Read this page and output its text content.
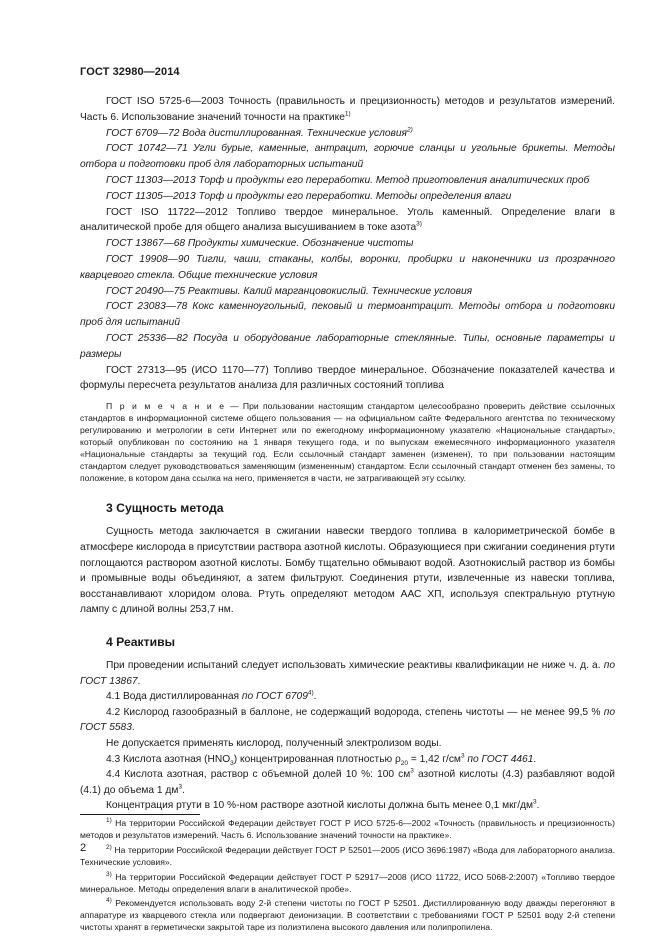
ГОСТ 32980—2014

ГОСТ ISO 5725-6—2003 Точность (правильность и прецизионность) методов и результатов измерений. Часть 6. Использование значений точности на практике$^{1)}$

ГОСТ 6709—72 Вода дистиллированная. Технические условия$^{2)}$

ГОСТ 10742—71 Угли бурые, каменные, антрацит, горючие сланцы и угольные брикеты. Методы отбора и подготовки проб для лабораторных испытаний

ГОСТ 11303—2013 Торф и продукты его переработки. Метод приготовления аналитических проб

ГОСТ 11305—2013 Торф и продукты его переработки. Методы определения влаги

ГОСТ ISO 11722—2012 Топливо твердое минеральное. Уголь каменный. Определение влаги в аналитической пробе для общего анализа высушиванием в токе азота$^{3)}$

ГОСТ 13867—68 Продукты химические. Обозначение чистоты

ГОСТ 19908—90 Тигли, чаши, стаканы, колбы, воронки, пробирки и наконечники из прозрачного кварцевого стекла. Общие технические условия

ГОСТ 20490—75 Реактивы. Калий марганцовокислый. Технические условия

ГОСТ 23083—78 Кокс каменноугольный, пековый и термоантрацит. Методы отбора и подготовки проб для испытаний

ГОСТ 25336—82 Посуда и оборудование лабораторные стеклянные. Типы, основные параметры и размеры

ГОСТ 27313—95 (ИСО 1170—77) Топливо твердое минеральное. Обозначение показателей качества и формулы пересчета результатов анализа для различных состояний топлива

П р и м е ч а н и е — При пользовании настоящим стандартом целесообразно проверить действие ссылочных стандартов в информационной системе общего пользования — на официальном сайте Федерального агентства по техническому регулированию и метрологии в сети Интернет или по ежегодному информационному указателю «Национальные стандарты», который опубликован по состоянию на 1 января текущего года, и по выпускам ежемесячного информационного указателя «Национальные стандарты за текущий год. Если ссылочный стандарт заменен (изменен), то при пользовании настоящим стандартом следует руководствоваться заменяющим (измененным) стандартом. Если ссылочный стандарт отменен без замены, то положение, в котором дана ссылка на него, применяется в части, не затрагивающей эту ссылку.

3 Сущность метода

Сущность метода заключается в сжигании навески твердого топлива в калориметрической бомбе в атмосфере кислорода в присутствии раствора азотной кислоты. Образующиеся при сжигании соединения ртути поглощаются раствором азотной кислоты. Бомбу тщательно обмывают водой. Азотнокислый раствор из бомбы и промывные воды объединяют, а затем фильтруют. Соединения ртути, извлеченные из навески топлива, восстанавливают хлоридом олова. Ртуть определяют методом ААС ХП, используя спектральную ртутную лампу с длиной волны 253,7 нм.

4 Реактивы

При проведении испытаний следует использовать химические реактивы квалификации не ниже ч. д. а. по ГОСТ 13867.

4.1 Вода дистиллированная по ГОСТ 6709$^{4)}$.

4.2 Кислород газообразный в баллоне, не содержащий водорода, степень чистоты — не менее 99,5 % по ГОСТ 5583.

Не допускается применять кислород, полученный электролизом воды.

4.3 Кислота азотная $(HNO_3)$ концентрированная плотностью $\rho_{20} = 1,42$ $г/см^3$ по ГОСТ 4461.

4.4 Кислота азотная, раствор с объемной долей 10 %: 100 $см^3$ азотной кислоты (4.3) разбавляют водой (4.1) до объема 1 $дм^3$.

Концентрация ртути в 10 %-ном растворе азотной кислоты должна быть менее 0,1 мкг/$дм^3$.

$^{1)}$ На территории Российской Федерации действует ГОСТ Р ИСО 5725-6—2002 «Точность (правильность и прецизионность) методов и результатов измерений. Часть 6. Использование значений точности на практике».

$^{2)}$ На территории Российской Федерации действует ГОСТ Р 52501—2005 (ИСО 3696:1987) «Вода для лабораторного анализа. Технические условия».

$^{3)}$ На территории Российской Федерации действует ГОСТ Р 52917—2008 (ИСО 11722, ИСО 5068-2:2007) «Топливо твердое минеральное. Методы определения влаги в аналитической пробе».

$^{4)}$ Рекомендуется использовать воду 2-й степени чистоты по ГОСТ Р 52501. Дистиллированную воду дважды перегоняют в аппаратуре из кварцевого стекла или подвергают деионизации. В соответствии с требованиями ГОСТ Р 52501 воду 2-й степени чистоты хранят в герметически закрытой таре из полиэтилена высокого давления или полипропилена.

2
